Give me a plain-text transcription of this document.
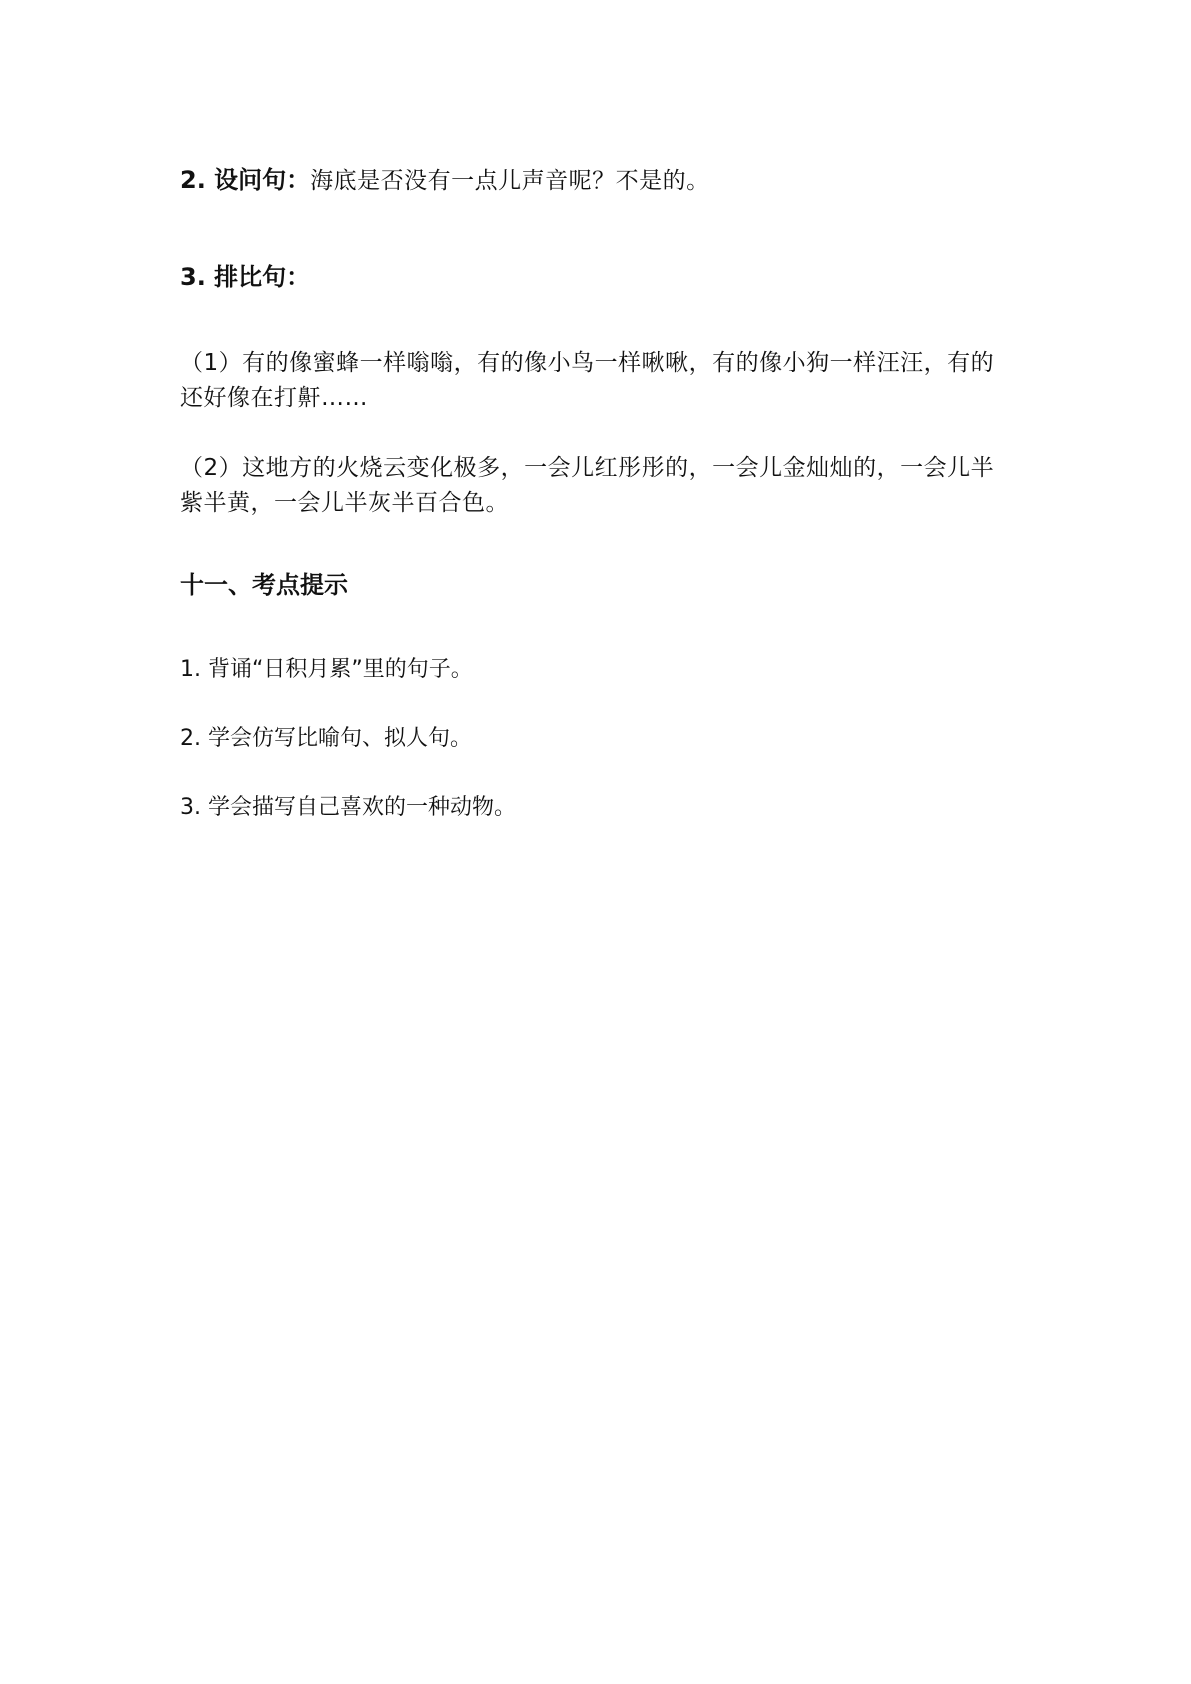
2. 设问句：海底是否没有一点儿声音呢？不是的。
3. 排比句：
（1）有的像蜜蜂一样嗡嗡，有的像小鸟一样啾啾，有的像小狗一样汪汪，有的
还好像在打鼾……
（2）这地方的火烧云变化极多，一会儿红彤彤的，一会儿金灿灿的，一会儿半
紫半黄，一会儿半灰半百合色。
十一、考点提示
1. 背诵“日积月累”里的句子。
2. 学会仿写比喻句、拟人句。
3. 学会描写自己喜欢的一种动物。
